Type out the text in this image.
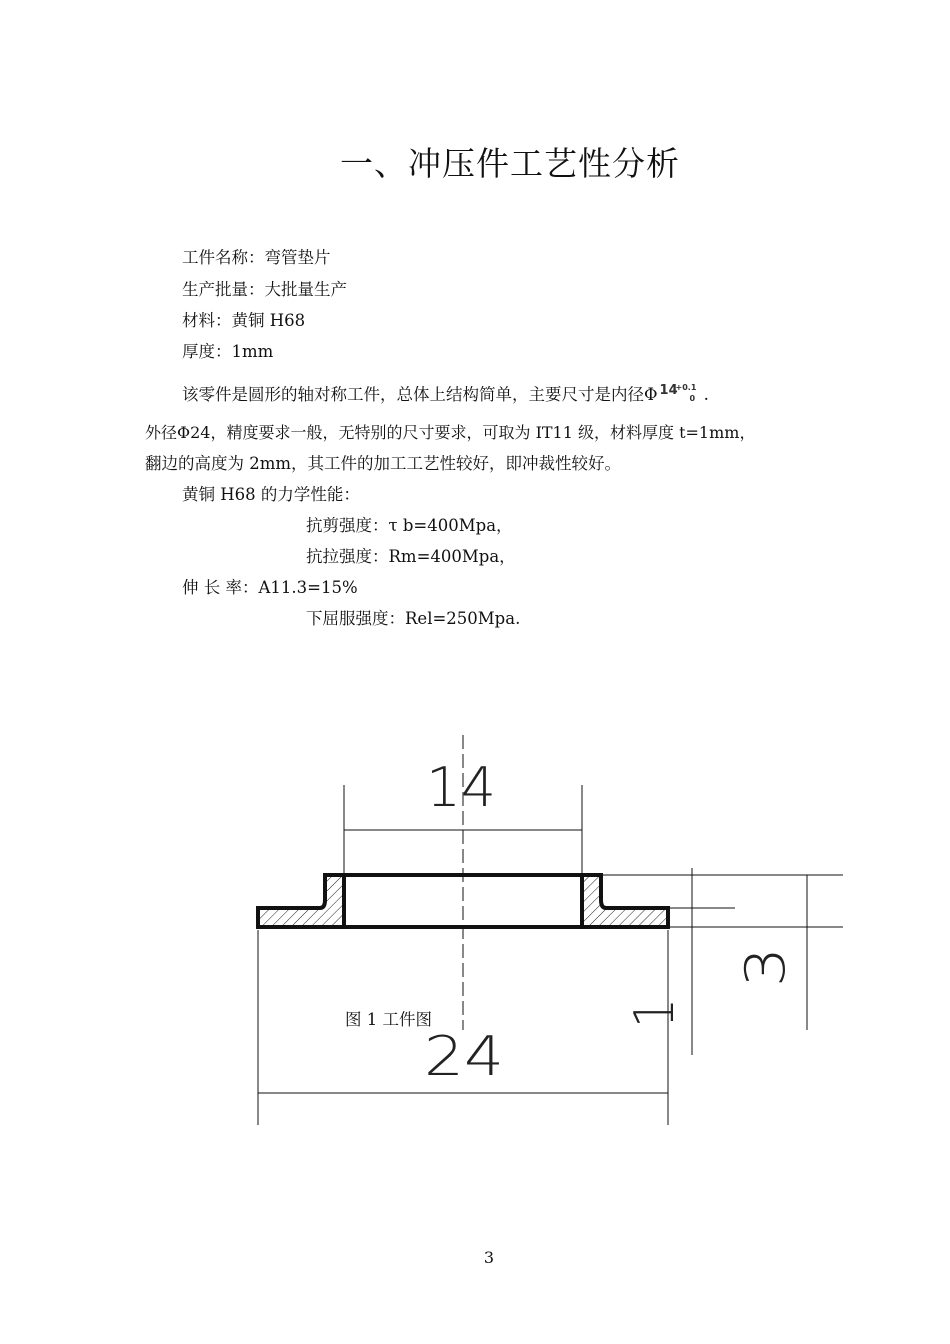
一、冲压件工艺性分析
工件名称：弯管垫片
生产批量：大批量生产
材料：黄铜 H68
厚度：1mm
该零件是圆形的轴对称工件，总体上结构简单，主要尺寸是内径Φ 14
+0.1
0 .
外径Φ24，精度要求一般，无特别的尺寸要求，可取为 IT11 级，材料厚度 t=1mm，
翻边的高度为 2mm，其工件的加工工艺性较好，即冲裁性较好。
黄铜 H68 的力学性能：
抗剪强度：τ b=400Mpa，
抗拉强度：Rm=400Mpa，
伸 长 率：A11.3=15%
下屈服强度：Rel=250Mpa.
14
24
3
1
图 1 工件图
3
